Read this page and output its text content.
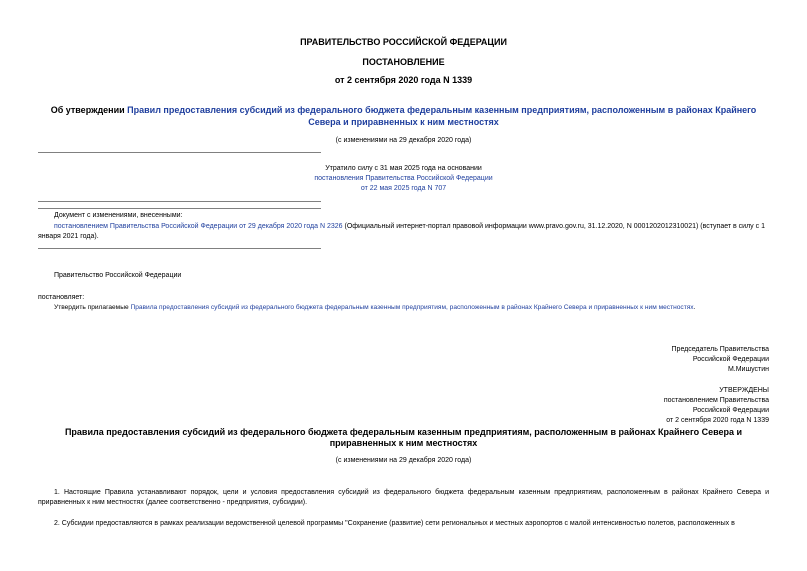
ПРАВИТЕЛЬСТВО РОССИЙСКОЙ ФЕДЕРАЦИИ
ПОСТАНОВЛЕНИЕ
от 2 сентября 2020 года N 1339
Об утверждении Правил предоставления субсидий из федерального бюджета федеральным казенным предприятиям, расположенным в районах Крайнего Севера и приравненных к ним местностях
(с изменениями на 29 декабря 2020 года)
Утратило силу с 31 мая 2025 года на основании
постановления Правительства Российской Федерации
от 22 мая 2025 года N 707
Документ с изменениями, внесенными:
постановлением Правительства Российской Федерации от 29 декабря 2020 года N 2326 (Официальный интернет-портал правовой информации www.pravo.gov.ru, 31.12.2020, N 0001202012310021) (вступает в силу с 1 января 2021 года).
Правительство Российской Федерации
постановляет:
Утвердить прилагаемые Правила предоставления субсидий из федерального бюджета федеральным казенным предприятиям, расположенным в районах Крайнего Севера и приравненных к ним местностях.
Председатель Правительства
Российской Федерации
М.Мишустин
УТВЕРЖДЕНЫ
постановлением Правительства
Российской Федерации
от 2 сентября 2020 года N 1339
Правила предоставления субсидий из федерального бюджета федеральным казенным предприятиям, расположенным в районах Крайнего Севера и приравненных к ним местностях
(с изменениями на 29 декабря 2020 года)
1. Настоящие Правила устанавливают порядок, цели и условия предоставления субсидий из федерального бюджета федеральным казенным предприятиям, расположенным в районах Крайнего Севера и приравненных к ним местностях (далее соответственно - предприятия, субсидии).
2. Субсидии предоставляются в рамках реализации ведомственной целевой программы "Сохранение (развитие) сети региональных и местных аэропортов с малой интенсивностью полетов, расположенных в
